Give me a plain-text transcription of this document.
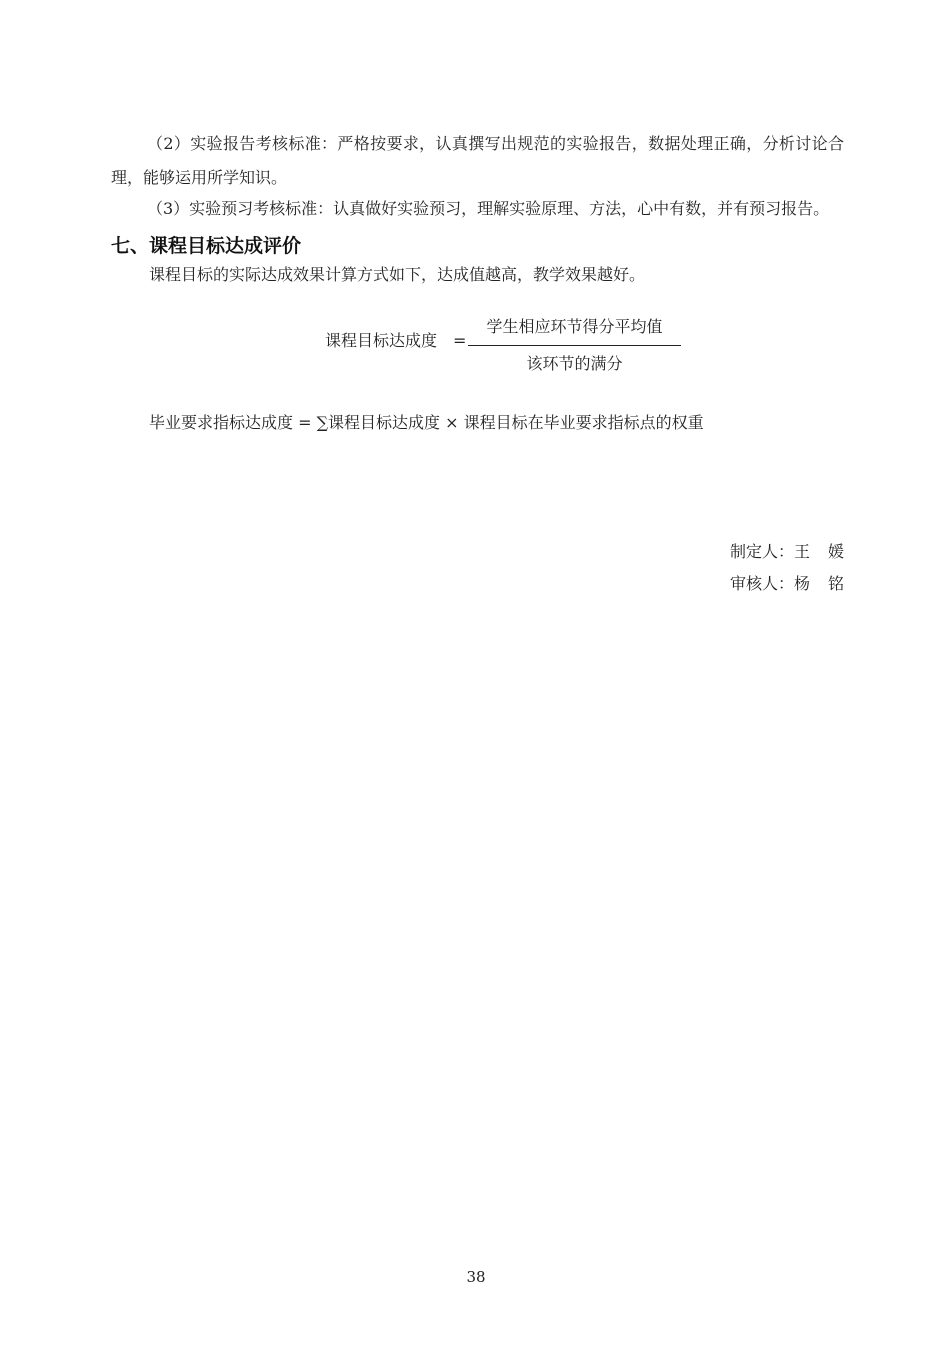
（2）实验报告考核标准：严格按要求，认真撰写出规范的实验报告，数据处理正确，分析讨论合理，能够运用所学知识。
（3）实验预习考核标准：认真做好实验预习，理解实验原理、方法，心中有数，并有预习报告。
七、课程目标达成评价
课程目标的实际达成效果计算方式如下，达成值越高，教学效果越好。
课程目标达成度 =
学生相应环节得分平均值
该环节的满分
毕业要求指标达成度 = ∑课程目标达成度 × 课程目标在毕业要求指标点的权重
制定人：王媛
审核人：杨铭
38
